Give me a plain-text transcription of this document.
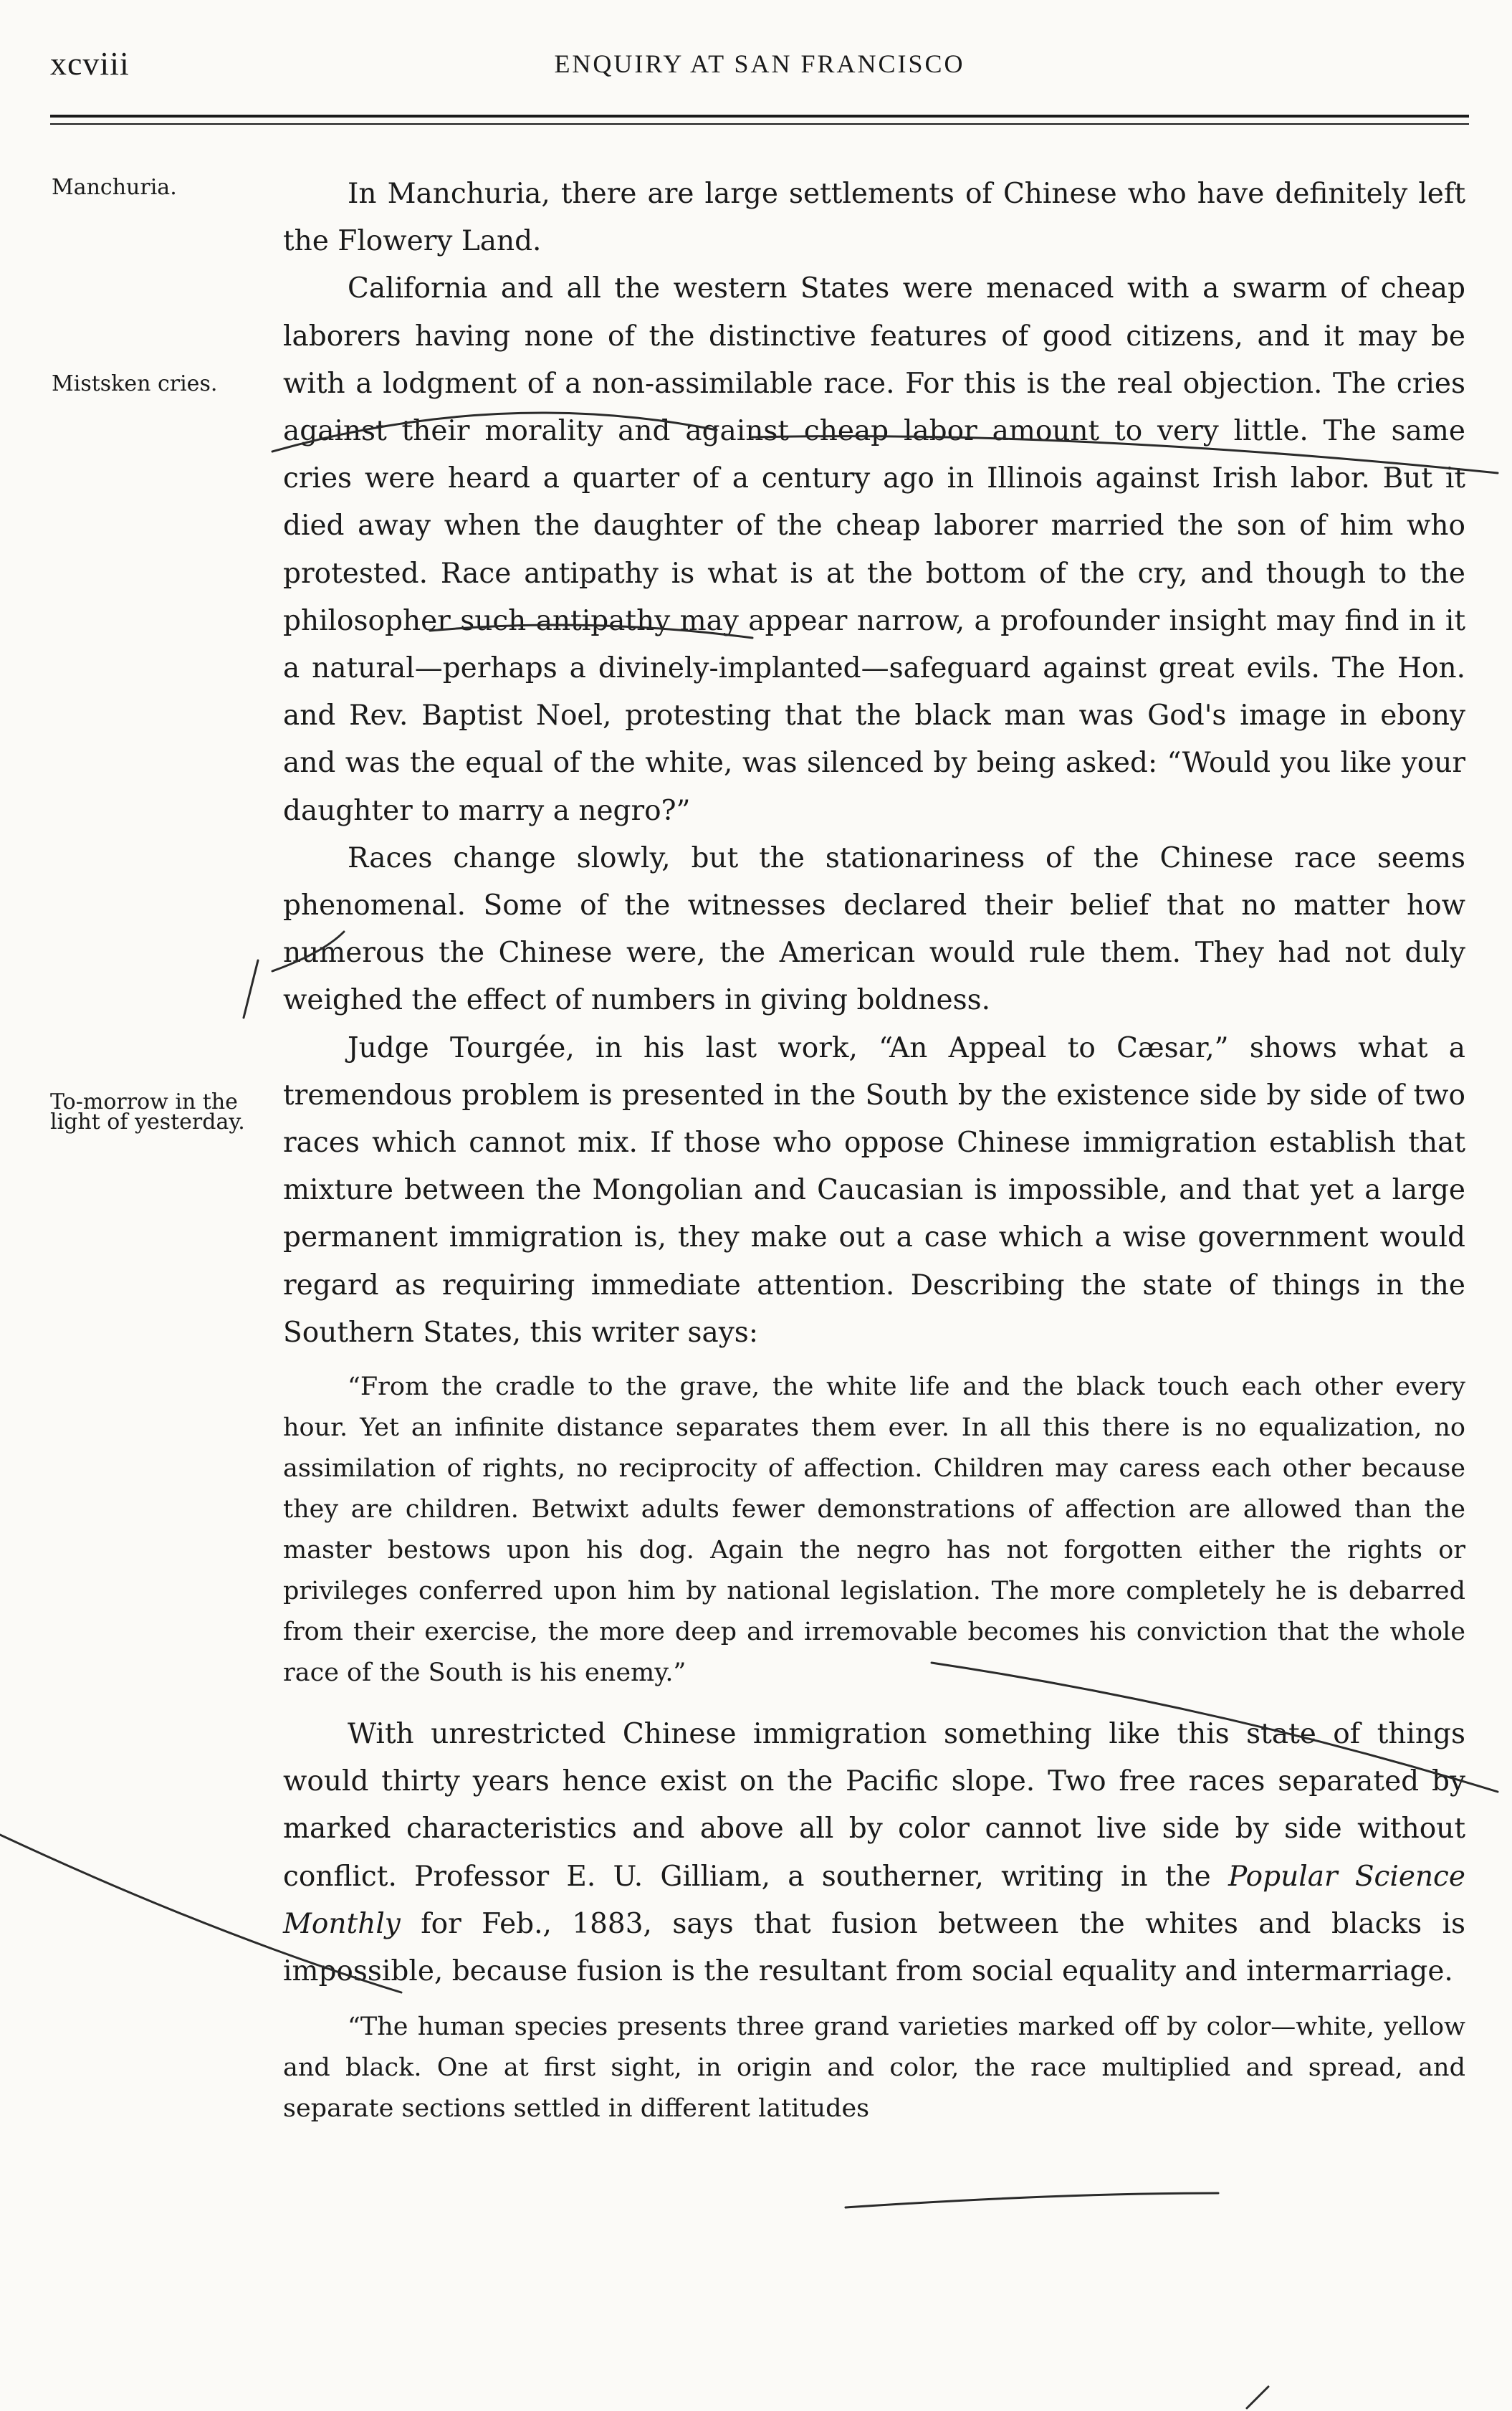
xcviii	ENQUIRY AT SAN FRANCISCO
Manchuria.
Mistsken cries.
To-morrow in the light of yesterday.

In Manchuria, there are large settlements of Chinese who have definitely left the Flowery Land.

California and all the western States were menaced with a swarm of cheap laborers having none of the distinctive features of good citizens, and it may be with a lodgment of a non-assimilable race. For this is the real objection. The cries against their morality and against cheap labor amount to very little. The same cries were heard a quarter of a century ago in Illinois against Irish labor. But it died away when the daughter of the cheap laborer married the son of him who protested. Race antipathy is what is at the bottom of the cry, and though to the philosopher such antipathy may appear narrow, a profounder insight may find in it a natural—perhaps a divinely-implanted—safeguard against great evils. The Hon. and Rev. Baptist Noel, protesting that the black man was God's image in ebony and was the equal of the white, was silenced by being asked: “Would you like your daughter to marry a negro?”

Races change slowly, but the stationariness of the Chinese race seems phenomenal. Some of the witnesses declared their belief that no matter how numerous the Chinese were, the American would rule them. They had not duly weighed the effect of numbers in giving boldness.

Judge Tourgée, in his last work, “An Appeal to Cæsar,” shows what a tremendous problem is presented in the South by the existence side by side of two races which cannot mix. If those who oppose Chinese immigration establish that mixture between the Mongolian and Caucasian is impossible, and that yet a large permanent immigration is, they make out a case which a wise government would regard as requiring immediate attention. Describing the state of things in the Southern States, this writer says:

“From the cradle to the grave, the white life and the black touch each other every hour. Yet an infinite distance separates them ever. In all this there is no equalization, no assimilation of rights, no reciprocity of affection. Children may caress each other because they are children. Betwixt adults fewer demonstrations of affection are allowed than the master bestows upon his dog. Again the negro has not forgotten either the rights or privileges conferred upon him by national legislation. The more completely he is debarred from their exercise, the more deep and irremovable becomes his conviction that the whole race of the South is his enemy.”

With unrestricted Chinese immigration something like this state of things would thirty years hence exist on the Pacific slope. Two free races separated by marked characteristics and above all by color cannot live side by side without conflict. Professor E. U. Gilliam, a southerner, writing in the Popular Science Monthly for Feb., 1883, says that fusion between the whites and blacks is impossible, because fusion is the resultant from social equality and intermarriage.

“The human species presents three grand varieties marked off by color—white, yellow and black. One at first sight, in origin and color, the race multiplied and spread, and separate sections settled in different latitudes
